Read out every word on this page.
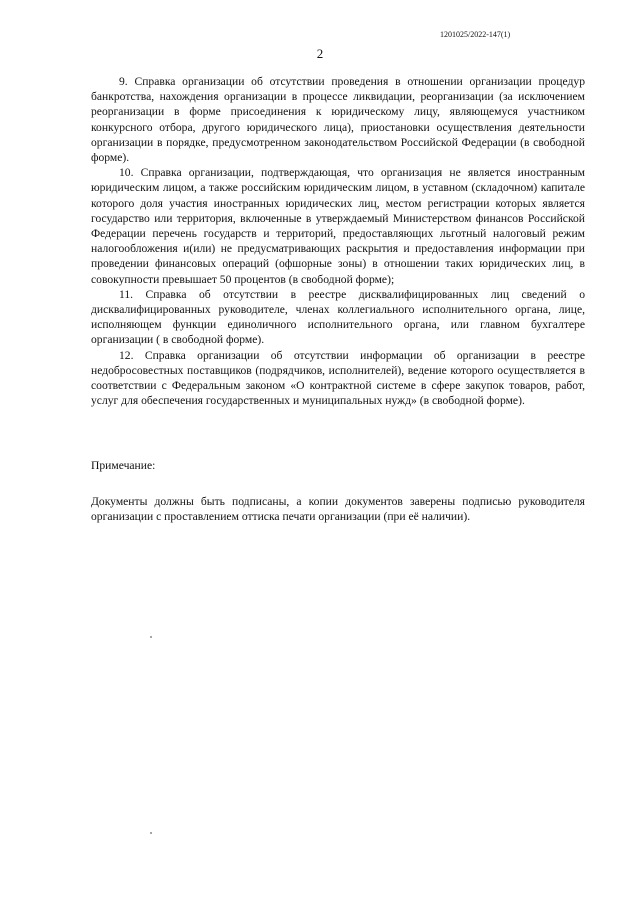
1201025/2022-147(1)
2

9. Справка организации об отсутствии проведения в отношении организации процедур банкротства, нахождения организации в процессе ликвидации, реорганизации (за исключением реорганизации в форме присоединения к юридическому лицу, являющемуся участником конкурсного отбора, другого юридического лица), приостановки осуществления деятельности организации в порядке, предусмотренном законодательством Российской Федерации (в свободной форме).

10. Справка организации, подтверждающая, что организация не является иностранным юридическим лицом, а также российским юридическим лицом, в уставном (складочном) капитале которого доля участия иностранных юридических лиц, местом регистрации которых является государство или территория, включенные в утверждаемый Министерством финансов Российской Федерации перечень государств и территорий, предоставляющих льготный налоговый режим налогообложения и(или) не предусматривающих раскрытия и предоставления информации при проведении финансовых операций (офшорные зоны) в отношении таких юридических лиц, в совокупности превышает 50 процентов (в свободной форме);

11. Справка об отсутствии в реестре дисквалифицированных лиц сведений о дисквалифицированных руководителе, членах коллегиального исполнительного органа, лице, исполняющем функции единоличного исполнительного органа, или главном бухгалтере организации ( в свободной форме).

12. Справка организации об отсутствии информации об организации в реестре недобросовестных поставщиков (подрядчиков, исполнителей), ведение которого осуществляется в соответствии с Федеральным законом «О контрактной системе в сфере закупок товаров, работ, услуг для обеспечения государственных и муниципальных нужд» (в свободной форме).

Примечание:

Документы должны быть подписаны, а копии документов заверены подписью руководителя организации с проставлением оттиска печати организации (при её наличии).
